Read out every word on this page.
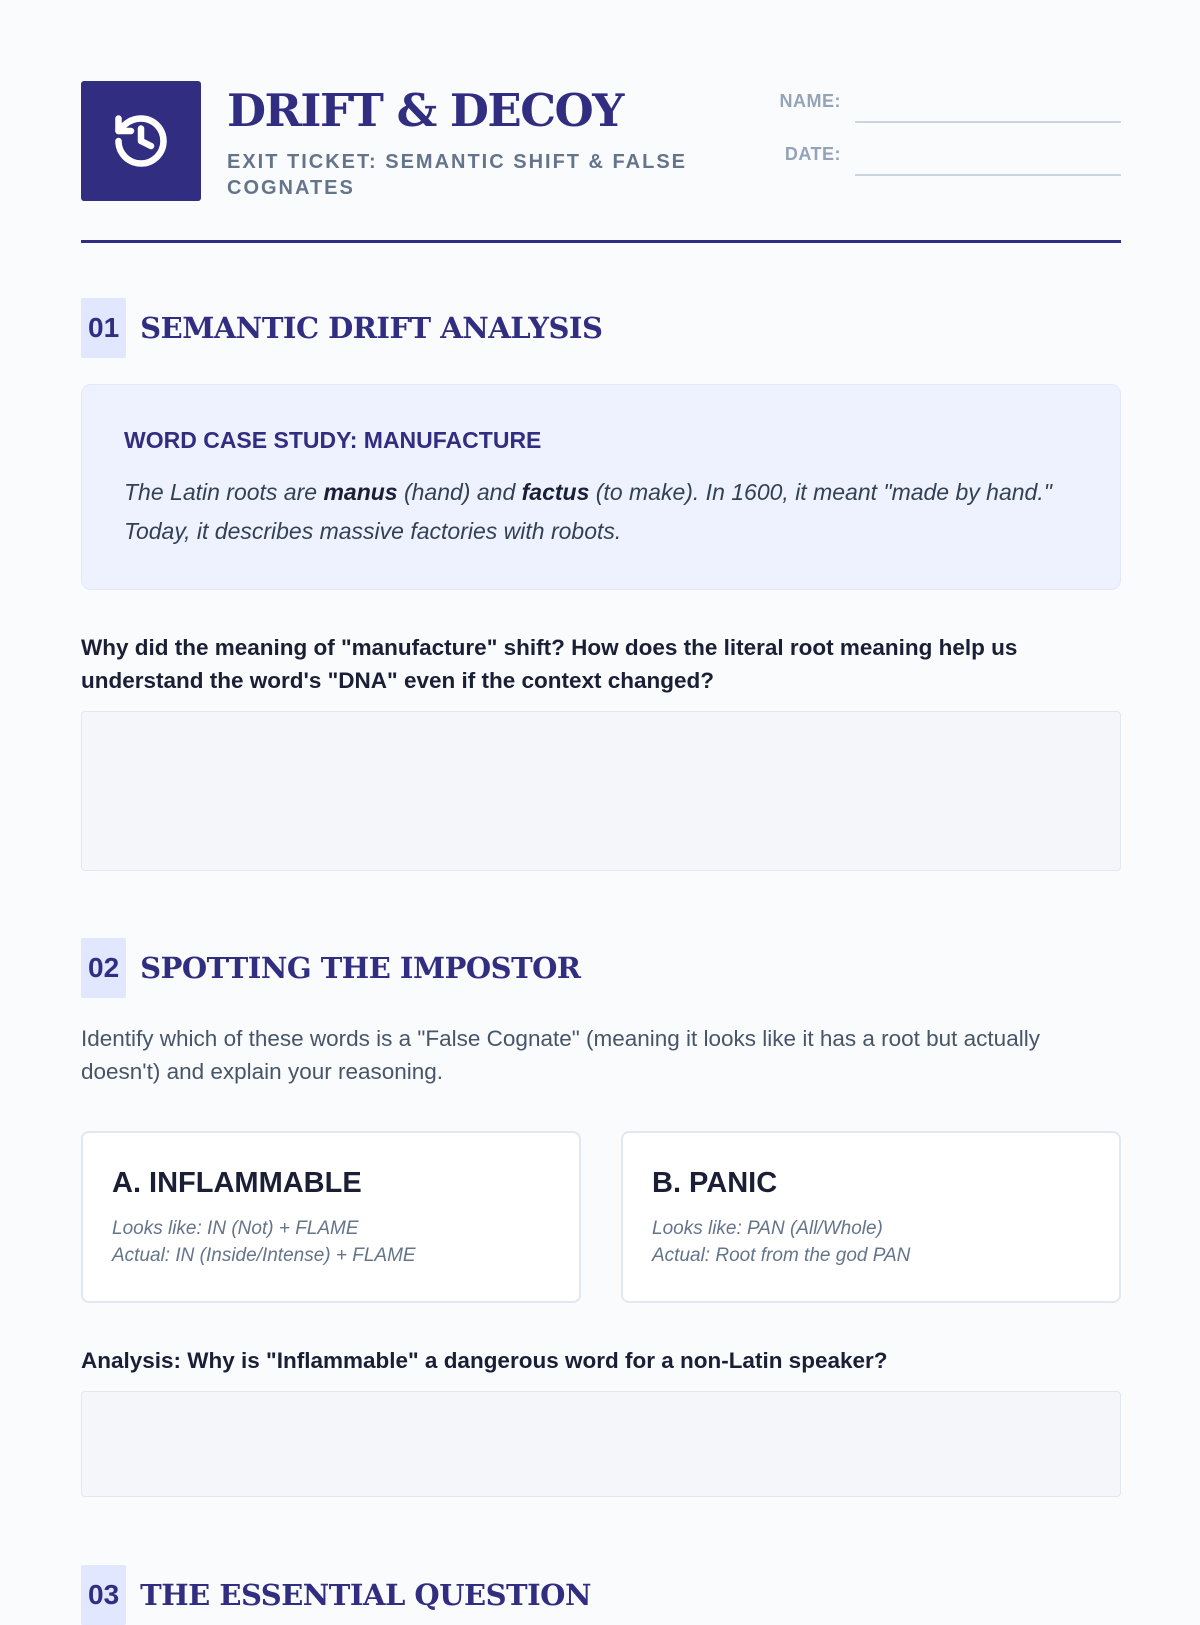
DRIFT & DECOY
EXIT TICKET: SEMANTIC SHIFT & FALSE COGNATES
NAME:
DATE:
01 SEMANTIC DRIFT ANALYSIS
WORD CASE STUDY: MANUFACTURE
The Latin roots are manus (hand) and factus (to make). In 1600, it meant "made by hand." Today, it describes massive factories with robots.
Why did the meaning of "manufacture" shift? How does the literal root meaning help us understand the word's "DNA" even if the context changed?
02 SPOTTING THE IMPOSTOR
Identify which of these words is a "False Cognate" (meaning it looks like it has a root but actually doesn't) and explain your reasoning.
A. INFLAMMABLE
Looks like: IN (Not) + FLAME
Actual: IN (Inside/Intense) + FLAME
B. PANIC
Looks like: PAN (All/Whole)
Actual: Root from the god PAN
Analysis: Why is "Inflammable" a dangerous word for a non-Latin speaker?
03 THE ESSENTIAL QUESTION
